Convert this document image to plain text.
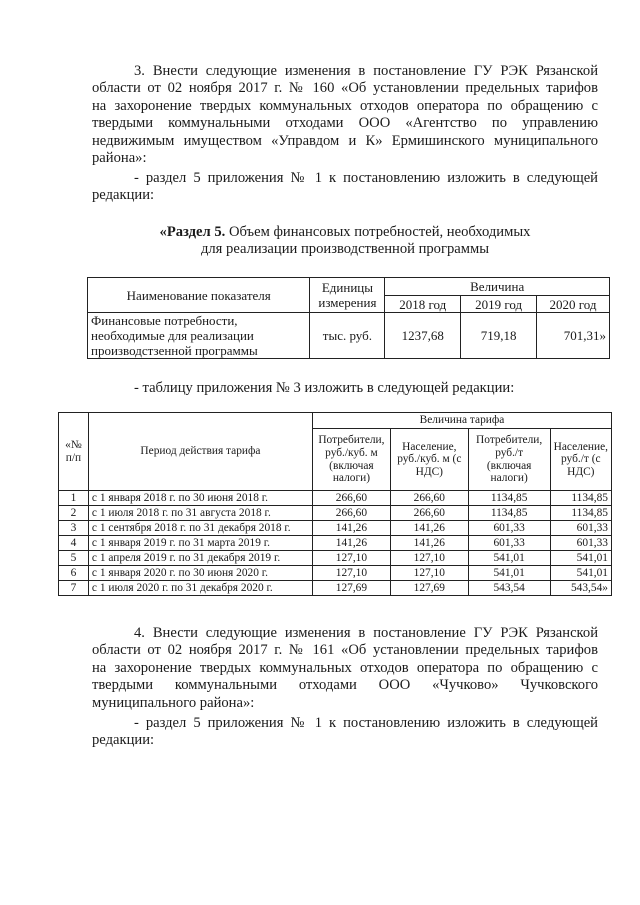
3. Внести следующие изменения в постановление ГУ РЭК Рязанской
области от 02 ноября 2017 г. № 160 «Об установлении предельных тарифов
на захоронение твердых коммунальных отходов оператора по обращению с
твердыми коммунальными отходами ООО «Агентство по управлению
недвижимым имуществом «Управдом и К» Ермишинского муниципального
района»:
- раздел 5 приложения № 1 к постановлению изложить в следующей
редакции:
«Раздел 5. Объем финансовых потребностей, необходимых
для реализации производственной программы
Наименование показателя	Единицы измерения	Величина		
		2018 год	2019 год	2020 год
Финансовые потребности, необходимые для реализации производстзенной программы	тыс. руб.	1237,68	719,18	701,31»
- таблицу приложения № 3 изложить в следующей редакции:
«№ п/п	Период действия тарифа	Величина тарифа			
		Потребители, руб./куб. м (включая налоги)	Население, руб./куб. м (с НДС)	Потребители, руб./т (включая налоги)	Население, руб./т (с НДС)
1	с 1 января 2018 г. по 30 июня 2018 г.	266,60	266,60	1134,85	1134,85
2	с 1 июля 2018 г. по 31 августа 2018 г.	266,60	266,60	1134,85	1134,85
3	с 1 сентября 2018 г. по 31 декабря 2018 г.	141,26	141,26	601,33	601,33
4	с 1 января 2019 г. по 31 марта 2019 г.	141,26	141,26	601,33	601,33
5	с 1 апреля 2019 г. по 31 декабря 2019 г.	127,10	127,10	541,01	541,01
6	с 1 января 2020 г. по 30 июня 2020 г.	127,10	127,10	541,01	541,01
7	с 1 июля 2020 г. по 31 декабря 2020 г.	127,69	127,69	543,54	543,54»
4. Внести следующие изменения в постановление ГУ РЭК Рязанской
области от 02 ноября 2017 г. № 161 «Об установлении предельных тарифов
на захоронение твердых коммунальных отходов оператора по обращению с
твердыми коммунальными отходами ООО «Чучково» Чучковского
муниципального района»:
- раздел 5 приложения № 1 к постановлению изложить в следующей
редакции:
